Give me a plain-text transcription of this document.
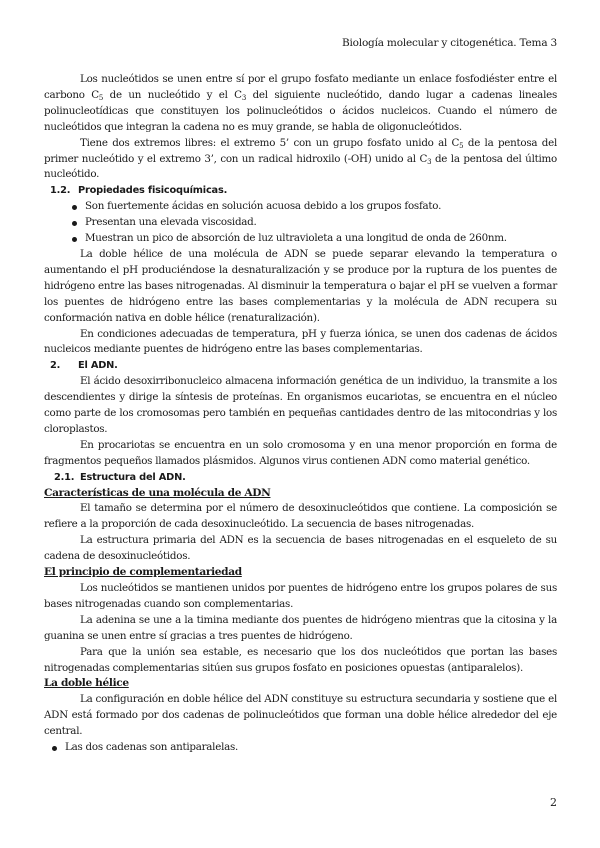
Biología molecular y citogenética. Tema 3

Los nucleótidos se unen entre sí por el grupo fosfato mediante un enlace fosfodiéster entre el carbono $C_5$ de un nucleótido y el $C_3$ del siguiente nucleótido, dando lugar a cadenas lineales polinucleotídicas que constituyen los polinucleótidos o ácidos nucleicos. Cuando el número de nucleótidos que integran la cadena no es muy grande, se habla de oligonucleótidos.

Tiene dos extremos libres: el extremo 5’ con un grupo fosfato unido al $C_5$ de la pentosa del primer nucleótido y el extremo 3’, con un radical hidroxilo (-OH) unido al $C_3$ de la pentosa del último nucleótido.

1.2. Propiedades fisicoquímicas.
Son fuertemente ácidas en solución acuosa debido a los grupos fosfato.
Presentan una elevada viscosidad.
Muestran un pico de absorción de luz ultravioleta a una longitud de onda de 260nm.

La doble hélice de una molécula de ADN se puede separar elevando la temperatura o aumentando el pH produciéndose la desnaturalización y se produce por la ruptura de los puentes de hidrógeno entre las bases nitrogenadas. Al disminuir la temperatura o bajar el pH se vuelven a formar los puentes de hidrógeno entre las bases complementarias y la molécula de ADN recupera su conformación nativa en doble hélice (renaturalización).

En condiciones adecuadas de temperatura, pH y fuerza iónica, se unen dos cadenas de ácidos nucleicos mediante puentes de hidrógeno entre las bases complementarias.

2. El ADN.

El ácido desoxirribonucleico almacena información genética de un individuo, la transmite a los descendientes y dirige la síntesis de proteínas. En organismos eucariotas, se encuentra en el núcleo como parte de los cromosomas pero también en pequeñas cantidades dentro de las mitocondrias y los cloroplastos.

En procariotas se encuentra en un solo cromosoma y en una menor proporción en forma de fragmentos pequeños llamados plásmidos. Algunos virus contienen ADN como material genético.

2.1. Estructura del ADN.
Características de una molécula de ADN

El tamaño se determina por el número de desoxinucleótidos que contiene. La composición se refiere a la proporción de cada desoxinucleótido. La secuencia de bases nitrogenadas.

La estructura primaria del ADN es la secuencia de bases nitrogenadas en el esqueleto de su cadena de desoxinucleótidos.

El principio de complementariedad

Los nucleótidos se mantienen unidos por puentes de hidrógeno entre los grupos polares de sus bases nitrogenadas cuando son complementarias.

La adenina se une a la timina mediante dos puentes de hidrógeno mientras que la citosina y la guanina se unen entre sí gracias a tres puentes de hidrógeno.

Para que la unión sea estable, es necesario que los dos nucleótidos que portan las bases nitrogenadas complementarias sitúen sus grupos fosfato en posiciones opuestas (antiparalelos).

La doble hélice

La configuración en doble hélice del ADN constituye su estructura secundaria y sostiene que el ADN está formado por dos cadenas de polinucleótidos que forman una doble hélice alrededor del eje central.

Las dos cadenas son antiparalelas.
2
